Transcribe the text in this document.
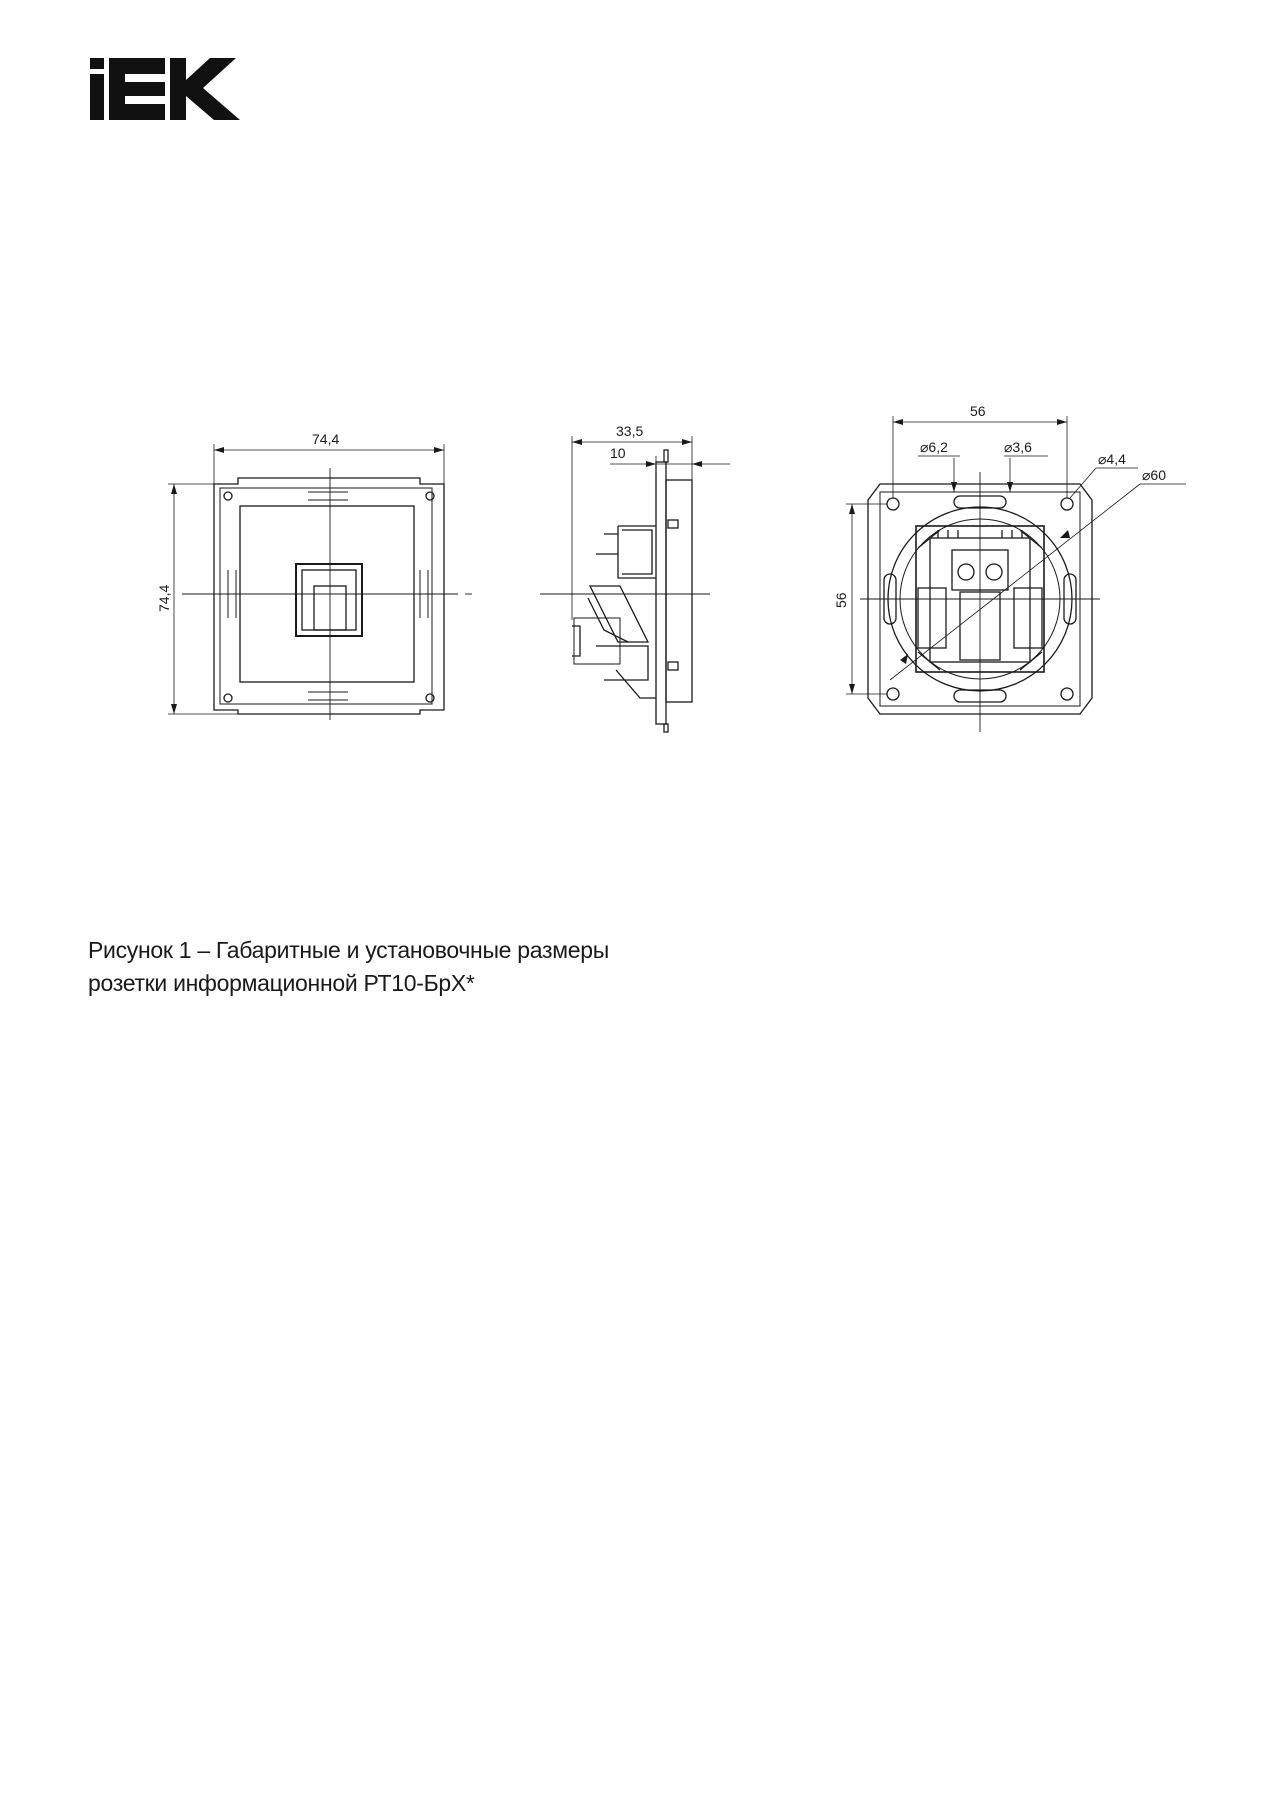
74,4
74,4
33,5
10
56
56
⌀6,2	⌀3,6
⌀4,4
⌀60
Рисунок 1 – Габаритные и установочные размеры
розетки информационной РТ10-БрХ*
